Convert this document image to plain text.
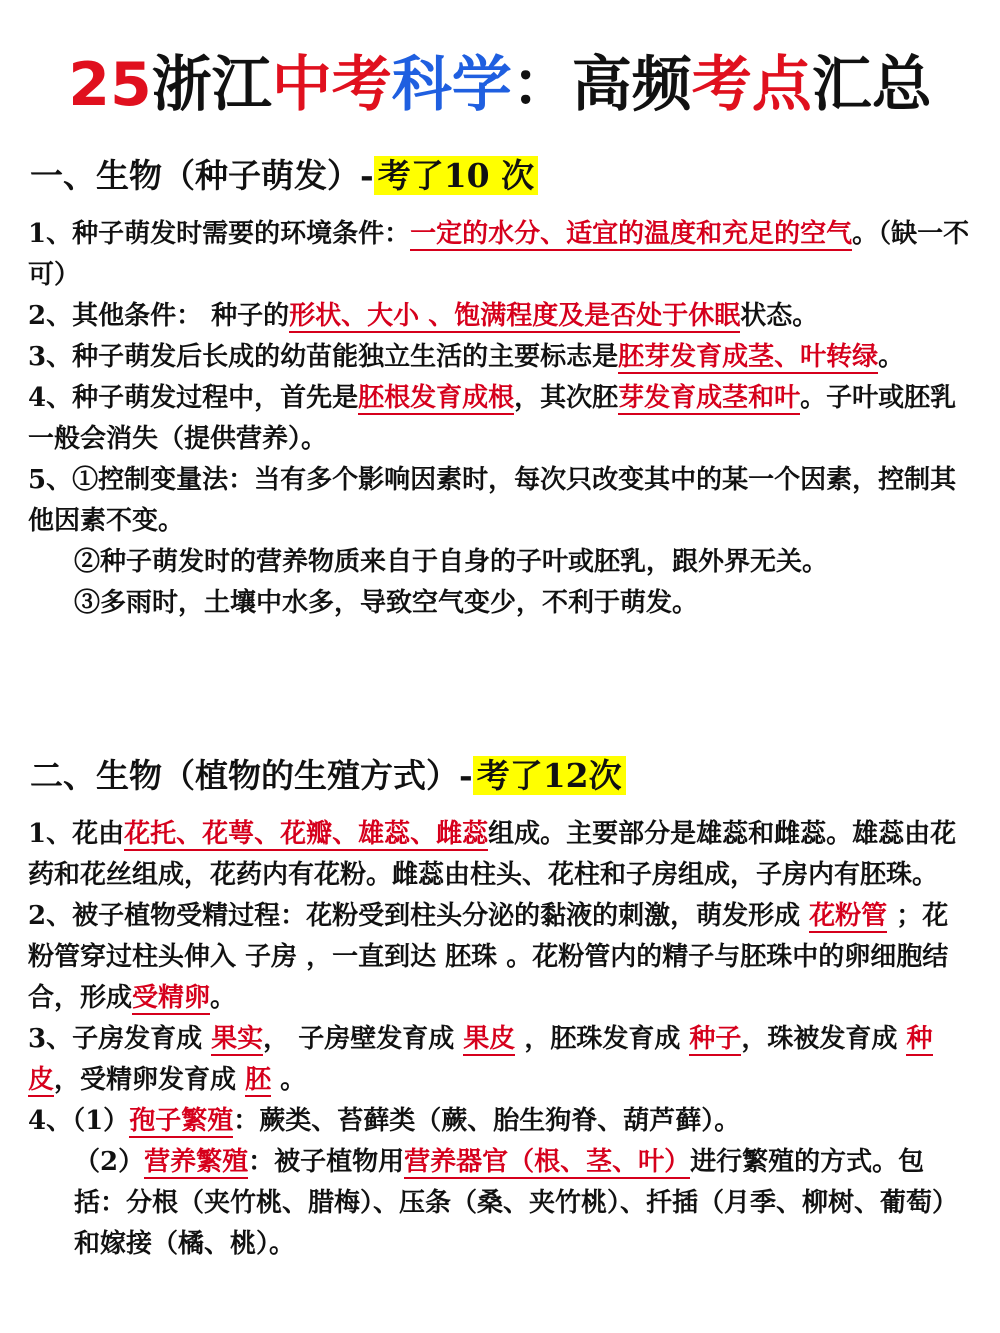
25浙江中考科学：高频考点汇总
一、生物（种子萌发）- 考了10 次

1、种子萌发时需要的环境条件：一定的水分、适宜的温度和充足的空气。（缺一不可）

2、其他条件： 种子的形状、大小 、饱满程度及是否处于休眠状态。

3、种子萌发后长成的幼苗能独立生活的主要标志是胚芽发育成茎、叶转绿。

4、种子萌发过程中，首先是胚根发育成根，其次胚芽发育成茎和叶。子叶或胚乳一般会消失（提供营养）。

5、①控制变量法：当有多个影响因素时，每次只改变其中的某一个因素，控制其他因素不变。

②种子萌发时的营养物质来自于自身的子叶或胚乳，跟外界无关。

③多雨时，土壤中水多，导致空气变少，不利于萌发。

二、生物（植物的生殖方式）- 考了12次

1、花由花托、花萼、花瓣、雄蕊、雌蕊组成。主要部分是雄蕊和雌蕊。雄蕊由花药和花丝组成，花药内有花粉。雌蕊由柱头、花柱和子房组成，子房内有胚珠。

2、被子植物受精过程：花粉受到柱头分泌的黏液的刺激，萌发形成 花粉管 ；花粉管穿过柱头伸入 子房 ，一直到达 胚珠 。花粉管内的精子与胚珠中的卵细胞结合，形成受精卵。

3、子房发育成 果实， 子房壁发育成 果皮 ，胚珠发育成 种子，珠被发育成 种皮，受精卵发育成 胚 。

4、（1）孢子繁殖：蕨类、苔藓类（蕨、胎生狗脊、葫芦藓）。

（2）营养繁殖：被子植物用营养器官（根、茎、叶）进行繁殖的方式。包括：分根（夹竹桃、腊梅）、压条（桑、夹竹桃）、扦插（月季、柳树、葡萄）和嫁接（橘、桃）。
